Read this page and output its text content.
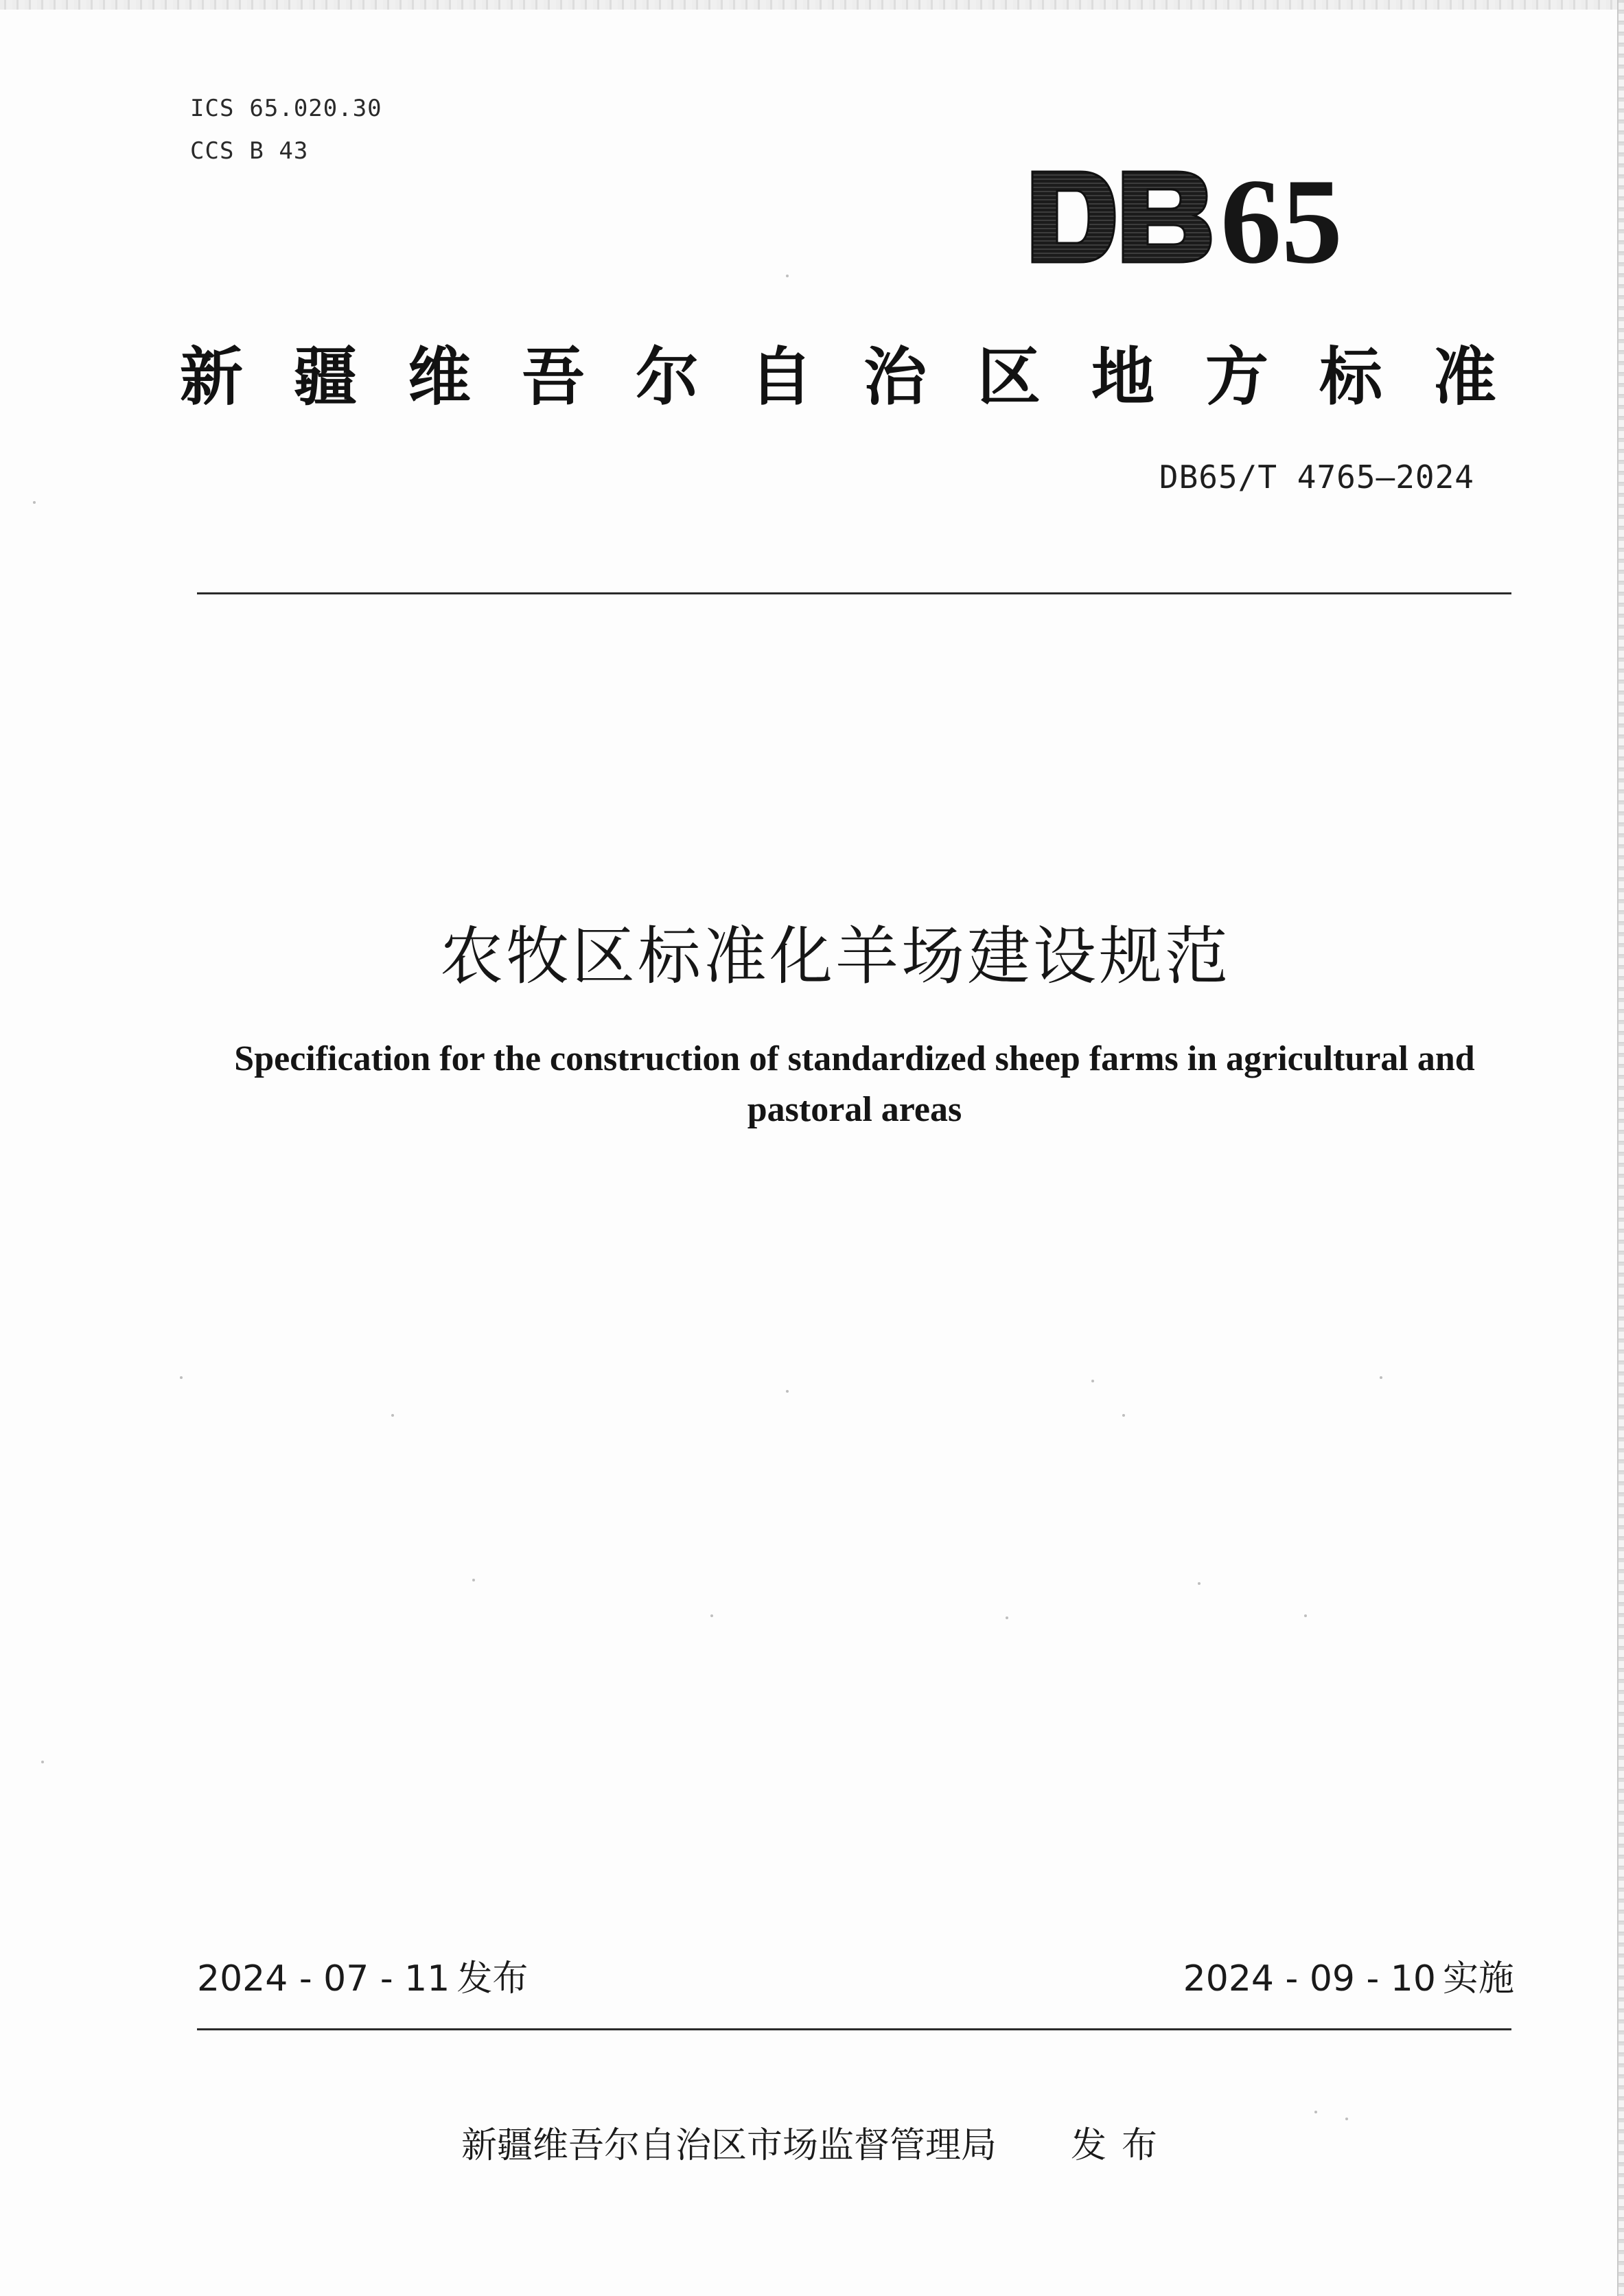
ICS 65.020.30
CCS B 43
65
新疆维吾尔自治区地方标准
DB65/T 4765—2024
农牧区标准化羊场建设规范
Specification for the construction of standardized sheep farms in agricultural and pastoral areas
2024 - 07 - 11 发布	2024 - 09 - 10 实施
新疆维吾尔自治区市场监督管理局 发布
